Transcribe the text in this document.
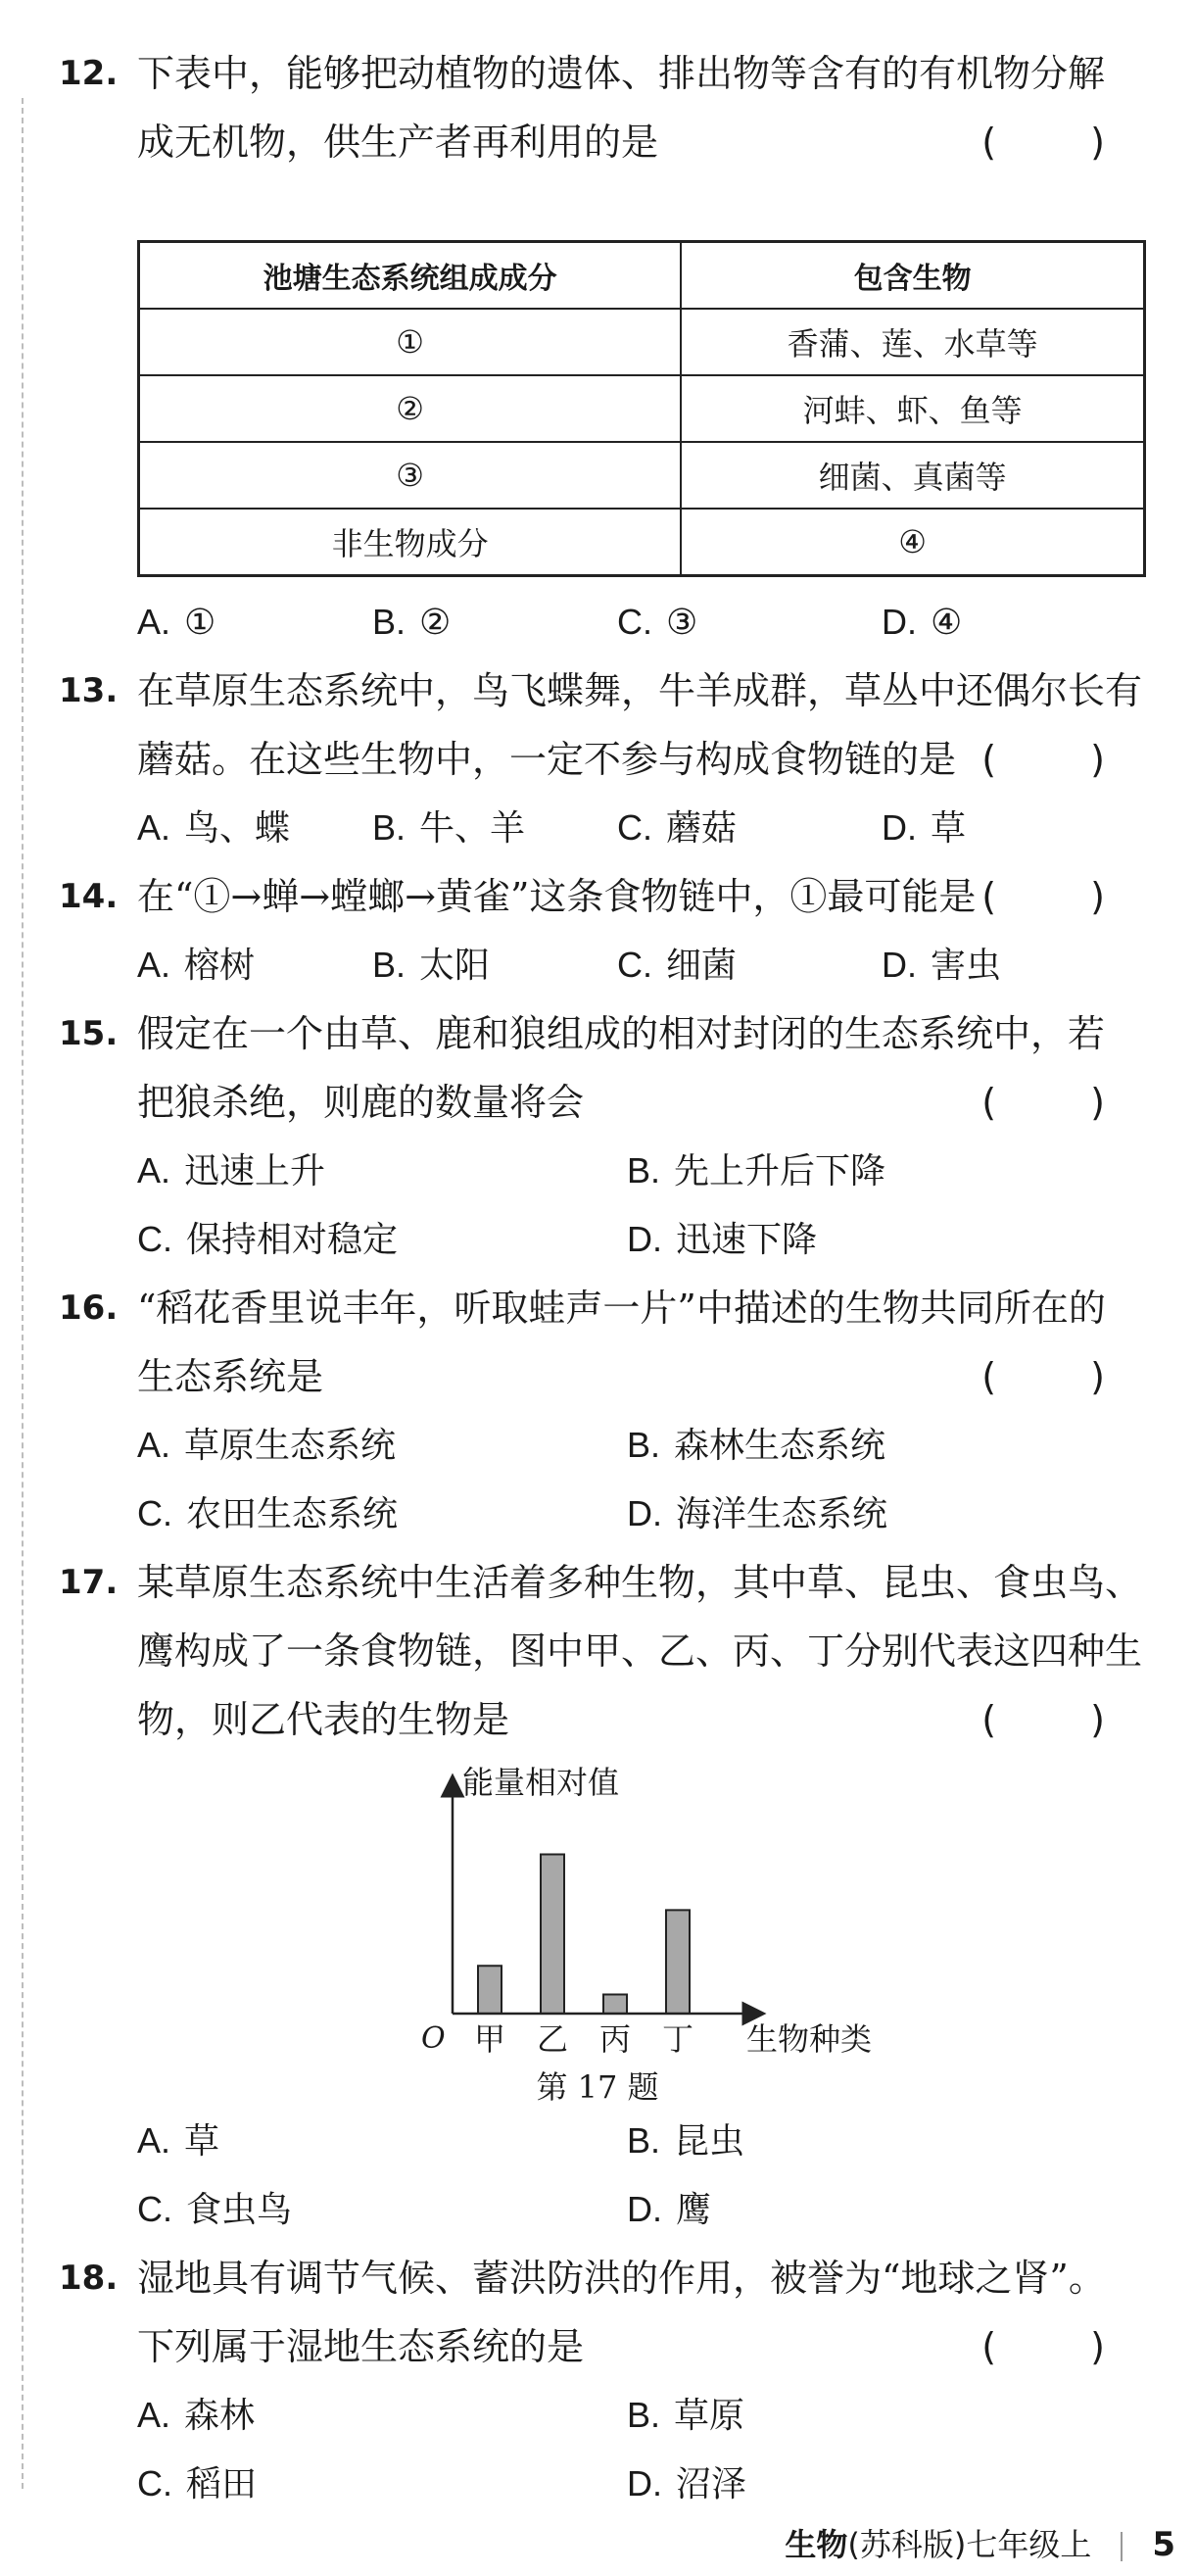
12. 下表中，能够把动植物的遗体、排出物等含有的有机物分解
成无机物，供生产者再利用的是	( )
池塘生态系统组成成分	包含生物
①	香蒲、莲、水草等
②	河蚌、虾、鱼等
③	细菌、真菌等
非生物成分	④
A. ①	B. ②	C. ③	D. ④
13. 在草原生态系统中，鸟飞蝶舞，牛羊成群，草丛中还偶尔长有
蘑菇。在这些生物中，一定不参与构成食物链的是 ( )
A. 鸟、蝶 B. 牛、羊	C. 蘑菇	D. 草
14. 在“①→蝉→螳螂→黄雀”这条食物链中，①最可能是 ( )
A. 榕树	B. 太阳	C. 细菌	D. 害虫
15. 假定在一个由草、鹿和狼组成的相对封闭的生态系统中，若
把狼杀绝，则鹿的数量将会	( )
A. 迅速上升	B. 先上升后下降
C. 保持相对稳定	D. 迅速下降
16. “稻花香里说丰年，听取蛙声一片”中描述的生物共同所在的
生态系统是	( )
A. 草原生态系统	B. 森林生态系统
C. 农田生态系统	D. 海洋生态系统
17. 某草原生态系统中生活着多种生物，其中草、昆虫、食虫鸟、
鹰构成了一条食物链，图中甲、乙、丙、丁分别代表这四种生
物，则乙代表的生物是	( )
能量相对值
生物种类
O 甲 乙 丙 丁
第 17 题
A. 草	B. 昆虫
C. 食虫鸟	D. 鹰
18. 湿地具有调节气候、蓄洪防洪的作用，被誉为“地球之肾”。
下列属于湿地生态系统的是	( )
A. 森林	B. 草原
C. 稻田	D. 沼泽
生物(苏科版)七年级上 5
